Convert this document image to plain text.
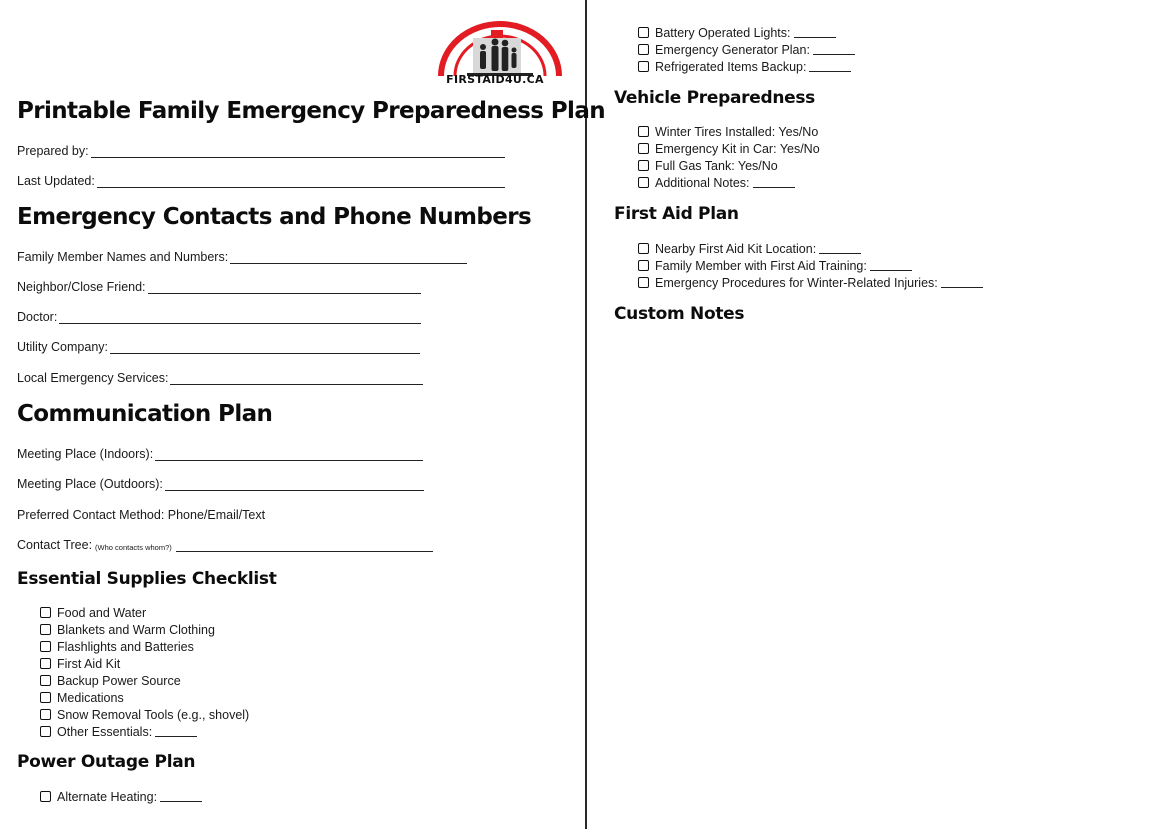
FIRSTAID4U.CA
Printable Family Emergency Preparedness Plan
Prepared by:
Last Updated:
Emergency Contacts and Phone Numbers
Family Member Names and Numbers:
Neighbor/Close Friend:
Doctor:
Utility Company:
Local Emergency Services:
Communication Plan
Meeting Place (Indoors):
Meeting Place (Outdoors):
Preferred Contact Method: Phone/Email/Text
Contact Tree: (Who contacts whom?)
Essential Supplies Checklist
Food and Water
Blankets and Warm Clothing
Flashlights and Batteries
First Aid Kit
Backup Power Source
Medications
Snow Removal Tools (e.g., shovel)
Other Essentials:
Power Outage Plan
Alternate Heating:
Battery Operated Lights:
Emergency Generator Plan:
Refrigerated Items Backup:
Vehicle Preparedness
Winter Tires Installed: Yes/No
Emergency Kit in Car: Yes/No
Full Gas Tank: Yes/No
Additional Notes:
First Aid Plan
Nearby First Aid Kit Location:
Family Member with First Aid Training:
Emergency Procedures for Winter-Related Injuries:
Custom Notes
